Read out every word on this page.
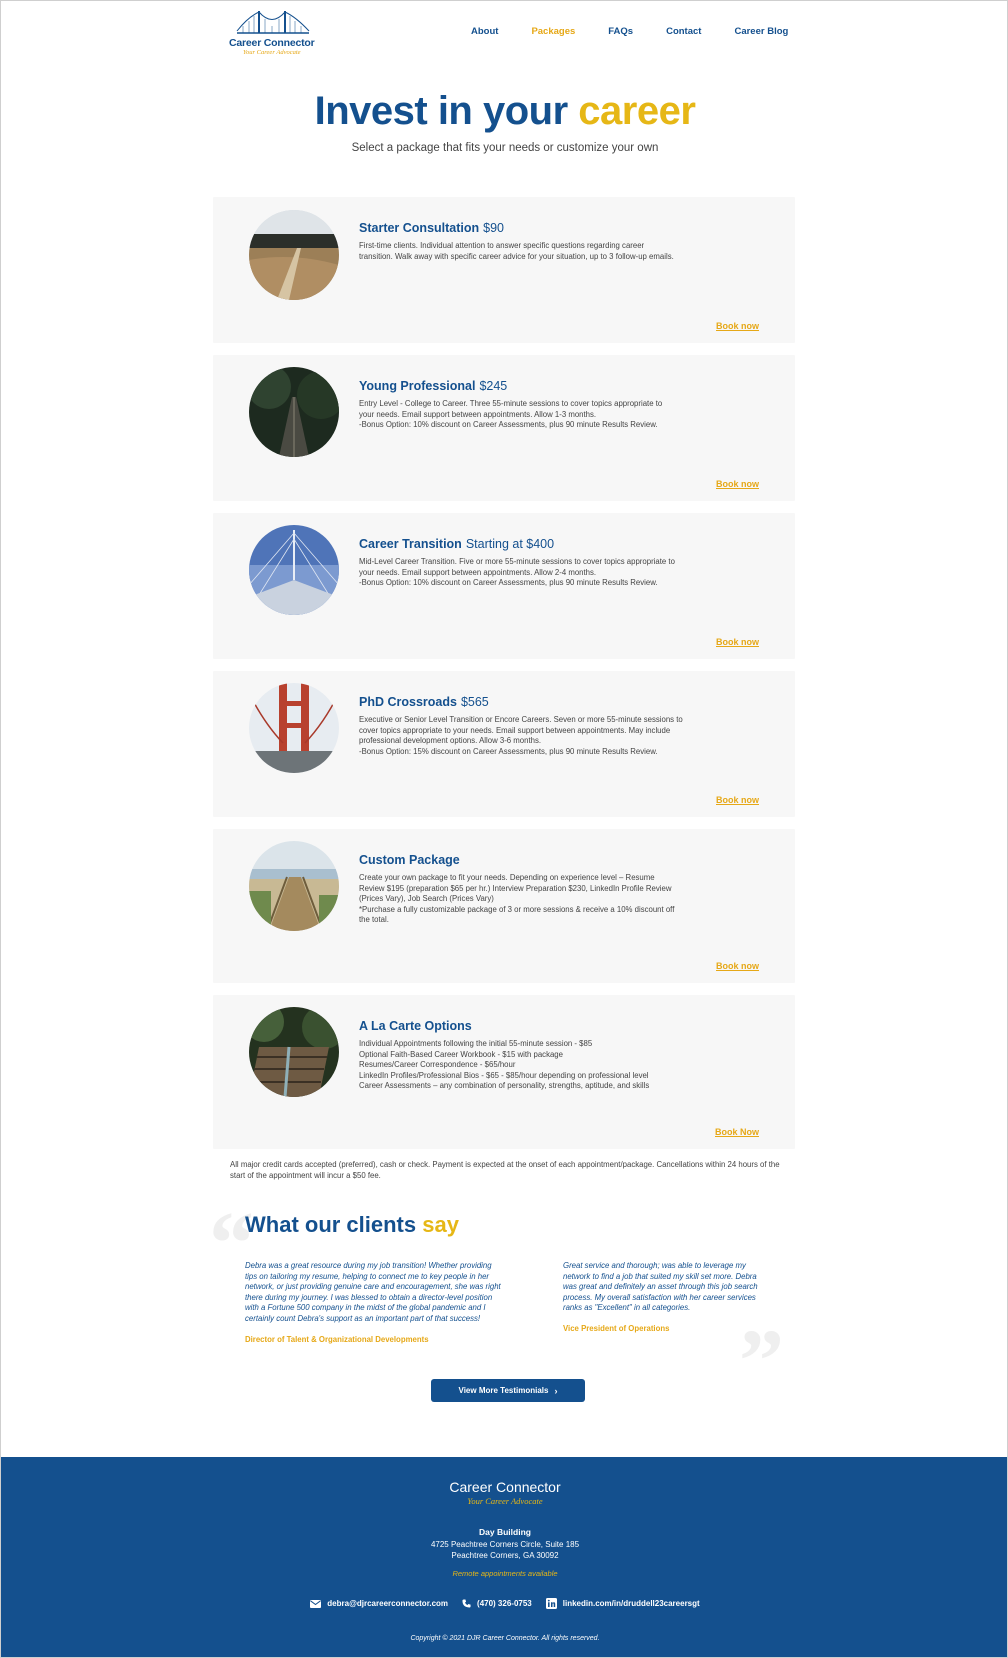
Career Connector
Your Career Advocate
About	Packages	FAQs	Contact	Career Blog
Invest in your career
Select a package that fits your needs or customize your own
Starter Consultation $90
First-time clients. Individual attention to answer specific questions regarding career
transition. Walk away with specific career advice for your situation, up to 3 follow-up emails.
Book now
Young Professional $245
Entry Level - College to Career. Three 55-minute sessions to cover topics appropriate to
your needs. Email support between appointments. Allow 1-3 months.
-Bonus Option: 10% discount on Career Assessments, plus 90 minute Results Review.
Book now
Career Transition Starting at $400
Mid-Level Career Transition. Five or more 55-minute sessions to cover topics appropriate to
your needs. Email support between appointments. Allow 2-4 months.
-Bonus Option: 10% discount on Career Assessments, plus 90 minute Results Review.
Book now
PhD Crossroads $565
Executive or Senior Level Transition or Encore Careers. Seven or more 55-minute sessions to
cover topics appropriate to your needs. Email support between appointments. May include
professional development options. Allow 3-6 months.
-Bonus Option: 15% discount on Career Assessments, plus 90 minute Results Review.
Book now
Custom Package
Create your own package to fit your needs. Depending on experience level – Resume
Review $195 (preparation $65 per hr.) Interview Preparation $230, LinkedIn Profile Review
(Prices Vary), Job Search (Prices Vary)
*Purchase a fully customizable package of 3 or more sessions & receive a 10% discount off
the total.
Book now
A La Carte Options
Individual Appointments following the initial 55-minute session - $85
Optional Faith-Based Career Workbook - $15 with package
Resumes/Career Correspondence - $65/hour
LinkedIn Profiles/Professional Bios - $65 - $85/hour depending on professional level
Career Assessments – any combination of personality, strengths, aptitude, and skills
Book Now
All major credit cards accepted (preferred), cash or check. Payment is expected at the onset of each appointment/package. Cancellations within 24 hours of the start of the appointment will incur a $50 fee.
“
”
What our clients say
Debra was a great resource during my job transition! Whether providing tips on tailoring my resume, helping to connect me to key people in her network, or just providing genuine care and encouragement, she was right there during my journey. I was blessed to obtain a director-level position with a Fortune 500 company in the midst of the global pandemic and I certainly count Debra's support as an important part of that success!
Director of Talent & Organizational Developments
Great service and thorough; was able to leverage my network to find a job that suited my skill set more. Debra was great and definitely an asset through this job search process. My overall satisfaction with her career services ranks as "Excellent" in all categories.
Vice President of Operations
View More Testimonials ›
Career Connector
Your Career Advocate
Day Building
4725 Peachtree Corners Circle, Suite 185
Peachtree Corners, GA 30092
Remote appointments available
debra@djrcareerconnector.com	(470) 326-0753	linkedin.com/in/druddell23careersgt
Copyright © 2021 DJR Career Connector. All rights reserved.
